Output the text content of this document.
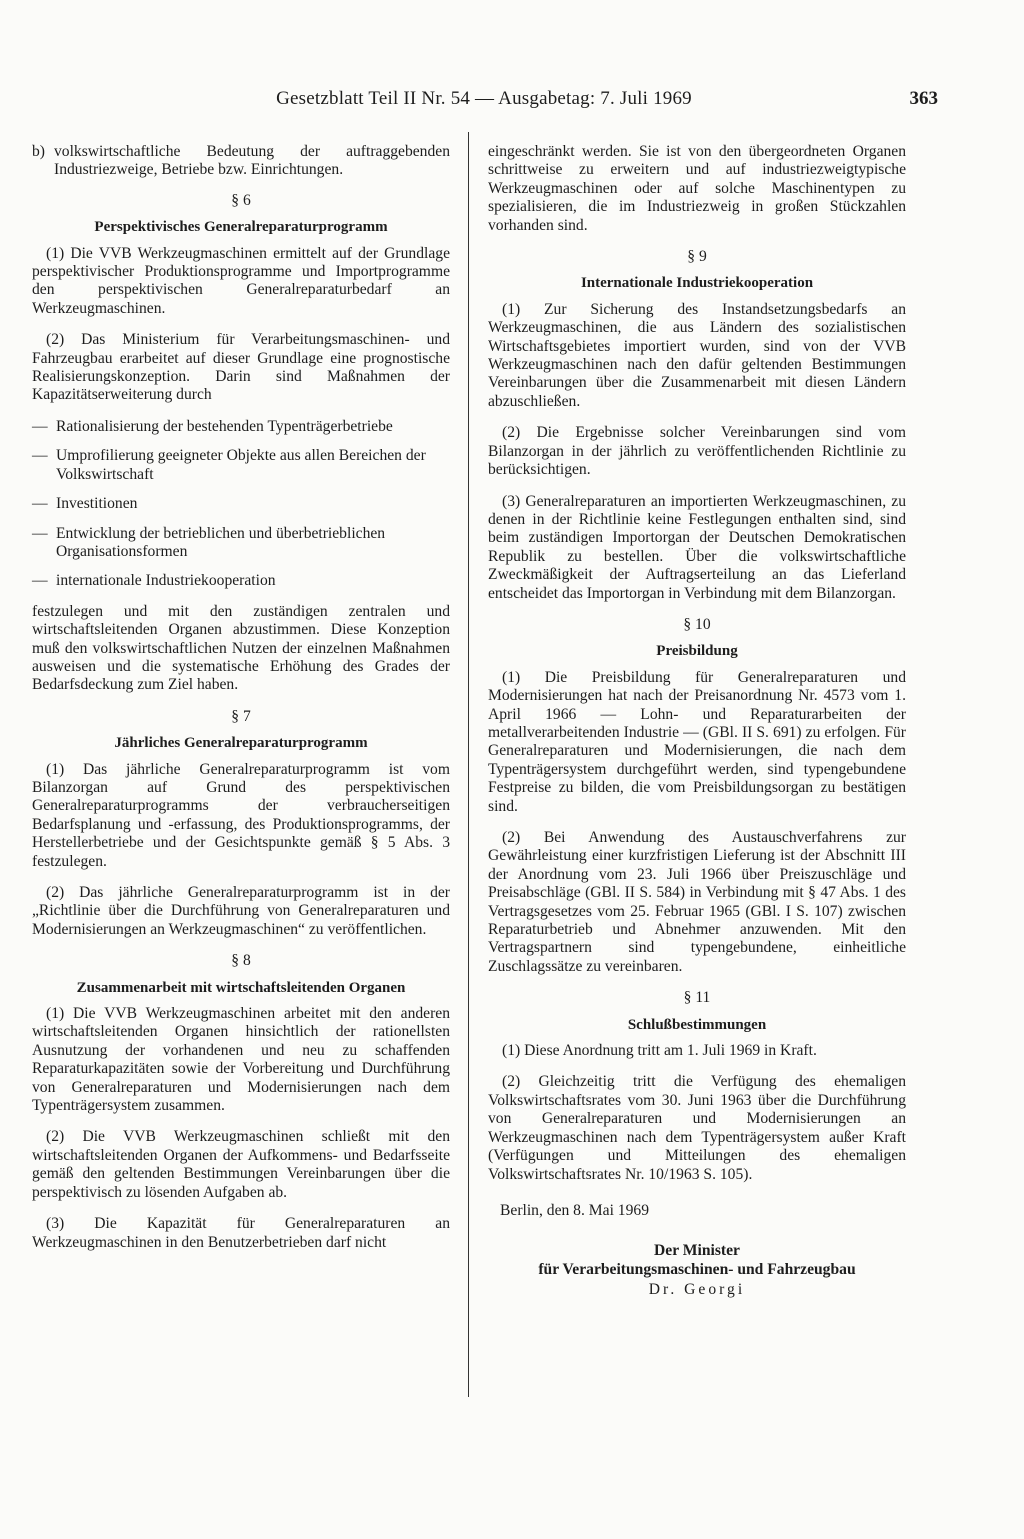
Gesetzblatt Teil II Nr. 54 — Ausgabetag: 7. Juli 1969	363
b) volkswirtschaftliche Bedeutung der auftraggebenden Industriezweige, Betriebe bzw. Einrichtungen.
§ 6
Perspektivisches Generalreparaturprogramm

(1) Die VVB Werkzeugmaschinen ermittelt auf der Grundlage perspektivischer Produktionsprogramme und Importprogramme den perspektivischen Generalreparaturbedarf an Werkzeugmaschinen.

(2) Das Ministerium für Verarbeitungsmaschinen- und Fahrzeugbau erarbeitet auf dieser Grundlage eine prognostische Realisierungskonzeption. Darin sind Maßnahmen der Kapazitätserweiterung durch

— Rationalisierung der bestehenden Typenträgerbetriebe
— Umprofilierung geeigneter Objekte aus allen Bereichen der Volkswirtschaft
— Investitionen
— Entwicklung der betrieblichen und überbetrieblichen Organisationsformen
— internationale Industriekooperation

festzulegen und mit den zuständigen zentralen und wirtschaftsleitenden Organen abzustimmen. Diese Konzeption muß den volkswirtschaftlichen Nutzen der einzelnen Maßnahmen ausweisen und die systematische Erhöhung des Grades der Bedarfsdeckung zum Ziel haben.

§ 7
Jährliches Generalreparaturprogramm

(1) Das jährliche Generalreparaturprogramm ist vom Bilanzorgan auf Grund des perspektivischen Generalreparaturprogramms der verbraucherseitigen Bedarfsplanung und -erfassung, des Produktionsprogramms, der Herstellerbetriebe und der Gesichtspunkte gemäß § 5 Abs. 3 festzulegen.

(2) Das jährliche Generalreparaturprogramm ist in der „Richtlinie über die Durchführung von Generalreparaturen und Modernisierungen an Werkzeugmaschinen“ zu veröffentlichen.

§ 8
Zusammenarbeit mit wirtschaftsleitenden Organen

(1) Die VVB Werkzeugmaschinen arbeitet mit den anderen wirtschaftsleitenden Organen hinsichtlich der rationellsten Ausnutzung der vorhandenen und neu zu schaffenden Reparaturkapazitäten sowie der Vorbereitung und Durchführung von Generalreparaturen und Modernisierungen nach dem Typenträgersystem zusammen.

(2) Die VVB Werkzeugmaschinen schließt mit den wirtschaftsleitenden Organen der Aufkommens- und Bedarfsseite gemäß den geltenden Bestimmungen Vereinbarungen über die perspektivisch zu lösenden Aufgaben ab.

(3) Die Kapazität für Generalreparaturen an Werkzeugmaschinen in den Benutzerbetrieben darf nicht

eingeschränkt werden. Sie ist von den übergeordneten Organen schrittweise zu erweitern und auf industriezweigtypische Werkzeugmaschinen oder auf solche Maschinentypen zu spezialisieren, die im Industriezweig in großen Stückzahlen vorhanden sind.

§ 9
Internationale Industriekooperation

(1) Zur Sicherung des Instandsetzungsbedarfs an Werkzeugmaschinen, die aus Ländern des sozialistischen Wirtschaftsgebietes importiert wurden, sind von der VVB Werkzeugmaschinen nach den dafür geltenden Bestimmungen Vereinbarungen über die Zusammenarbeit mit diesen Ländern abzuschließen.

(2) Die Ergebnisse solcher Vereinbarungen sind vom Bilanzorgan in der jährlich zu veröffentlichenden Richtlinie zu berücksichtigen.

(3) Generalreparaturen an importierten Werkzeugmaschinen, zu denen in der Richtlinie keine Festlegungen enthalten sind, sind beim zuständigen Importorgan der Deutschen Demokratischen Republik zu bestellen. Über die volkswirtschaftliche Zweckmäßigkeit der Auftragserteilung an das Lieferland entscheidet das Importorgan in Verbindung mit dem Bilanzorgan.

§ 10
Preisbildung

(1) Die Preisbildung für Generalreparaturen und Modernisierungen hat nach der Preisanordnung Nr. 4573 vom 1. April 1966 — Lohn- und Reparaturarbeiten der metallverarbeitenden Industrie — (GBl. II S. 691) zu erfolgen. Für Generalreparaturen und Modernisierungen, die nach dem Typenträgersystem durchgeführt werden, sind typengebundene Festpreise zu bilden, die vom Preisbildungsorgan zu bestätigen sind.

(2) Bei Anwendung des Austauschverfahrens zur Gewährleistung einer kurzfristigen Lieferung ist der Abschnitt III der Anordnung vom 23. Juli 1966 über Preiszuschläge und Preisabschläge (GBl. II S. 584) in Verbindung mit § 47 Abs. 1 des Vertragsgesetzes vom 25. Februar 1965 (GBl. I S. 107) zwischen Reparaturbetrieb und Abnehmer anzuwenden. Mit den Vertragspartnern sind typengebundene, einheitliche Zuschlagssätze zu vereinbaren.

§ 11
Schlußbestimmungen

(1) Diese Anordnung tritt am 1. Juli 1969 in Kraft.

(2) Gleichzeitig tritt die Verfügung des ehemaligen Volkswirtschaftsrates vom 30. Juni 1963 über die Durchführung von Generalreparaturen und Modernisierungen an Werkzeugmaschinen nach dem Typenträgersystem außer Kraft (Verfügungen und Mitteilungen des ehemaligen Volkswirtschaftsrates Nr. 10/1963 S. 105).

Berlin, den 8. Mai 1969
Der Minister
für Verarbeitungsmaschinen- und Fahrzeugbau
Dr. Georgi
